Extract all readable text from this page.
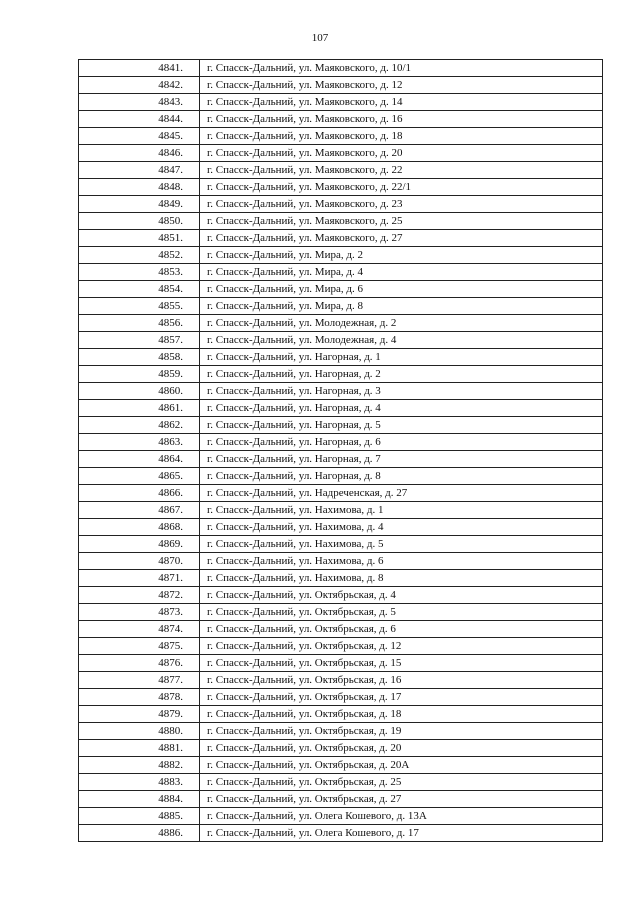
107
4841.	г. Спасск-Дальний, ул. Маяковского, д. 10/1
4842.	г. Спасск-Дальний, ул. Маяковского, д. 12
4843.	г. Спасск-Дальний, ул. Маяковского, д. 14
4844.	г. Спасск-Дальний, ул. Маяковского, д. 16
4845.	г. Спасск-Дальний, ул. Маяковского, д. 18
4846.	г. Спасск-Дальний, ул. Маяковского, д. 20
4847.	г. Спасск-Дальний, ул. Маяковского, д. 22
4848.	г. Спасск-Дальний, ул. Маяковского, д. 22/1
4849.	г. Спасск-Дальний, ул. Маяковского, д. 23
4850.	г. Спасск-Дальний, ул. Маяковского, д. 25
4851.	г. Спасск-Дальний, ул. Маяковского, д. 27
4852.	г. Спасск-Дальний, ул. Мира, д. 2
4853.	г. Спасск-Дальний, ул. Мира, д. 4
4854.	г. Спасск-Дальний, ул. Мира, д. 6
4855.	г. Спасск-Дальний, ул. Мира, д. 8
4856.	г. Спасск-Дальний, ул. Молодежная, д. 2
4857.	г. Спасск-Дальний, ул. Молодежная, д. 4
4858.	г. Спасск-Дальний, ул. Нагорная, д. 1
4859.	г. Спасск-Дальний, ул. Нагорная, д. 2
4860.	г. Спасск-Дальний, ул. Нагорная, д. 3
4861.	г. Спасск-Дальний, ул. Нагорная, д. 4
4862.	г. Спасск-Дальний, ул. Нагорная, д. 5
4863.	г. Спасск-Дальний, ул. Нагорная, д. 6
4864.	г. Спасск-Дальний, ул. Нагорная, д. 7
4865.	г. Спасск-Дальний, ул. Нагорная, д. 8
4866.	г. Спасск-Дальний, ул. Надреченская, д. 27
4867.	г. Спасск-Дальний, ул. Нахимова, д. 1
4868.	г. Спасск-Дальний, ул. Нахимова, д. 4
4869.	г. Спасск-Дальний, ул. Нахимова, д. 5
4870.	г. Спасск-Дальний, ул. Нахимова, д. 6
4871.	г. Спасск-Дальний, ул. Нахимова, д. 8
4872.	г. Спасск-Дальний, ул. Октябрьская, д. 4
4873.	г. Спасск-Дальний, ул. Октябрьская, д. 5
4874.	г. Спасск-Дальний, ул. Октябрьская, д. 6
4875.	г. Спасск-Дальний, ул. Октябрьская, д. 12
4876.	г. Спасск-Дальний, ул. Октябрьская, д. 15
4877.	г. Спасск-Дальний, ул. Октябрьская, д. 16
4878.	г. Спасск-Дальний, ул. Октябрьская, д. 17
4879.	г. Спасск-Дальний, ул. Октябрьская, д. 18
4880.	г. Спасск-Дальний, ул. Октябрьская, д. 19
4881.	г. Спасск-Дальний, ул. Октябрьская, д. 20
4882.	г. Спасск-Дальний, ул. Октябрьская, д. 20А
4883.	г. Спасск-Дальний, ул. Октябрьская, д. 25
4884.	г. Спасск-Дальний, ул. Октябрьская, д. 27
4885.	г. Спасск-Дальний, ул. Олега Кошевого, д. 13А
4886.	г. Спасск-Дальний, ул. Олега Кошевого, д. 17
